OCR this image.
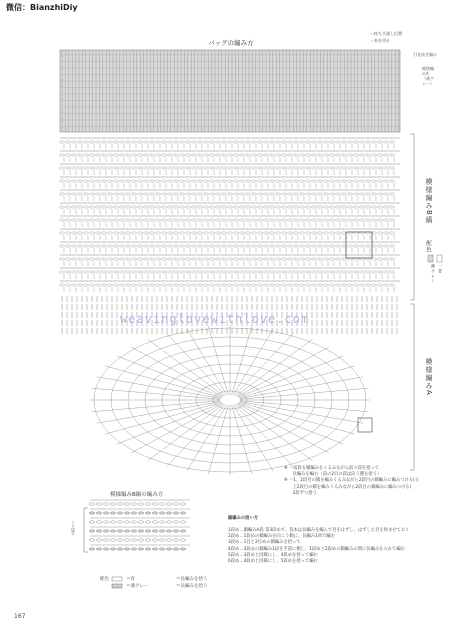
微信：BianzhiDiy
バッグの編み方
＝持ち手通し位置
＝糸を切る
引き抜き編み
模様編みA　（薄グレー）
模様編みB縞
配色
薄グレー 一青
模様編みA
weavinglovewithlove.com
※ ＝前段を鎖編みをくるみながら前々段を拾って
　　長編みを編む（前の2目の段は向う側を拾う）
※ ＝1、2段目の鎖を編みくるみながら2段目の鎖編みに編みつける(立
　　上2段目の鎖を編みくるみながら2段目の鎖編みに編みつける(
　　2段ずつ拾う
模様編みB縞の編み方
くり返す
縮編みの拾い方
1段め…鎖編みA段 第3段めで、基本は長編みを編んで目をはずし、はずした目を休ませておく
2段め…1段めの鎖編みを向こう側に、長編み1回で編む
3段め…1目と2目めの鎖編みを拾って
4段め…3段めの鎖編み1段を手前に倒し、1段めと2段めの鎖編みの間に長編みを入れて編む
5段め…3段めと同様にし、4段めを拾って編む
6段め…4段めと同様にし、5段めを拾って編む
配色	＝青
＝薄グレー
＝長編みを拾う
＝長編みを拾う
167
